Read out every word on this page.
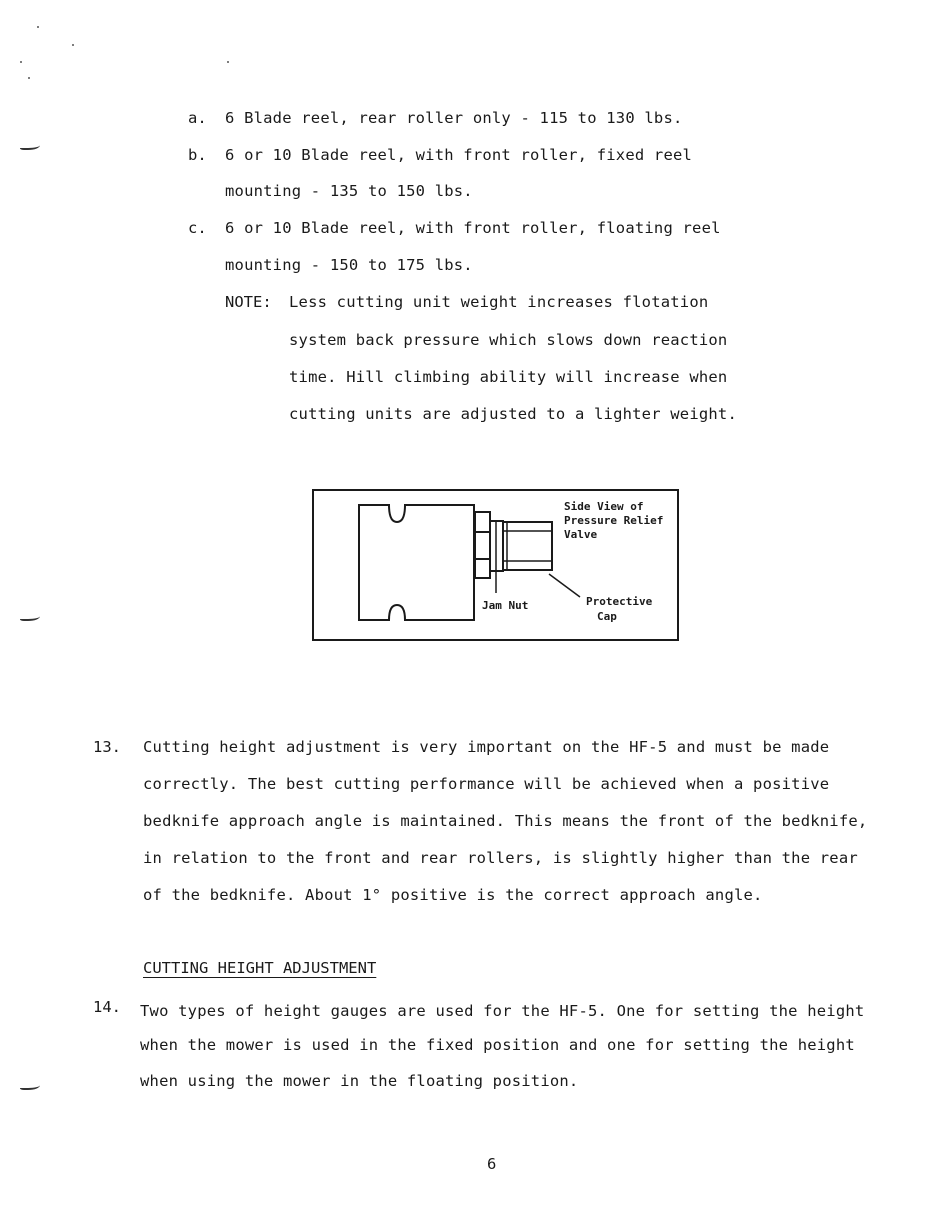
a. 6 Blade reel, rear roller only - 115 to 130 lbs.
b. 6 or 10 Blade reel, with front roller, fixed reel
mounting - 135 to 150 lbs.
c. 6 or 10 Blade reel, with front roller, floating reel
mounting - 150 to 175 lbs.
NOTE: Less cutting unit weight increases flotation
system back pressure which slows down reaction
time. Hill climbing ability will increase when
cutting units are adjusted to a lighter weight.
Side View of
Pressure Relief
Valve
Jam Nut	Protective
Cap
13. Cutting height adjustment is very important on the HF-5 and must be made
correctly. The best cutting performance will be achieved when a positive
bedknife approach angle is maintained. This means the front of the bedknife,
in relation to the front and rear rollers, is slightly higher than the rear
of the bedknife. About 1° positive is the correct approach angle.
CUTTING HEIGHT ADJUSTMENT
14. Two types of height gauges are used for the HF-5. One for setting the height
when the mower is used in the fixed position and one for setting the height
when using the mower in the floating position.
6
